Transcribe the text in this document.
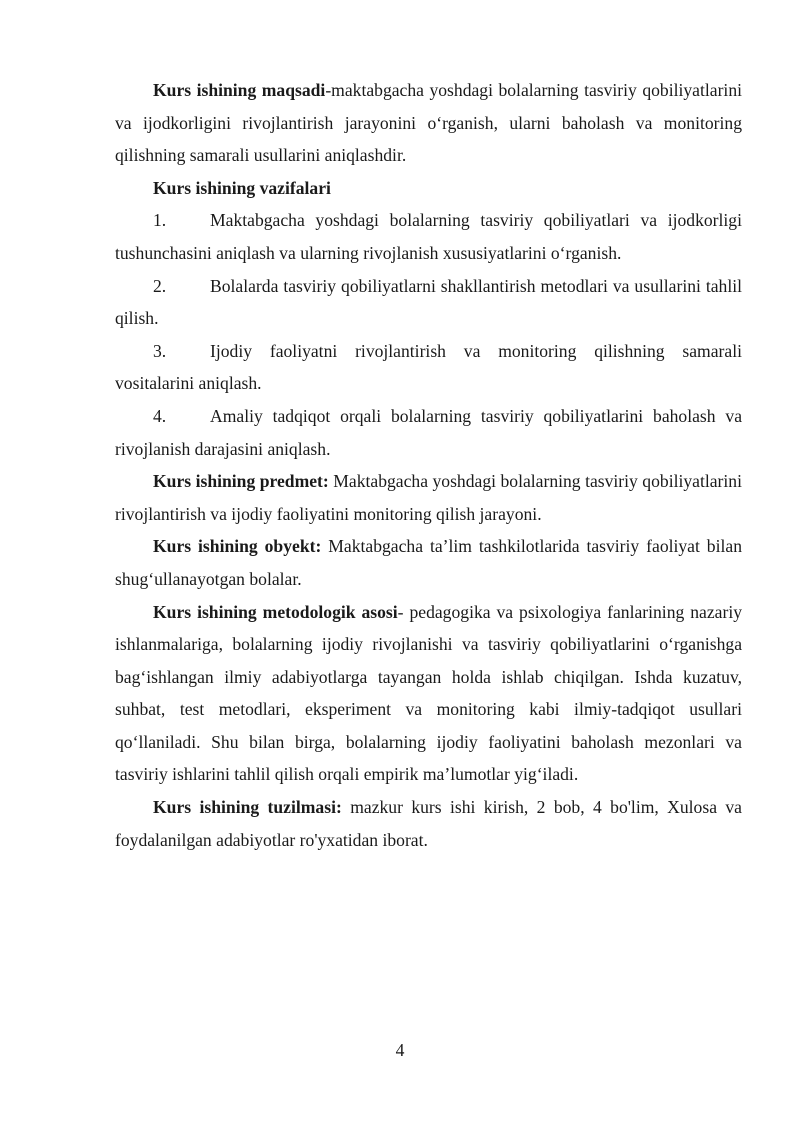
Kurs ishining maqsadi-maktabgacha yoshdagi bolalarning tasviriy qobiliyatlarini va ijodkorligini rivojlantirish jarayonini o‘rganish, ularni baholash va monitoring qilishning samarali usullarini aniqlashdir.

Kurs ishining vazifalari

1. Maktabgacha yoshdagi bolalarning tasviriy qobiliyatlari va ijodkorligi tushunchasini aniqlash va ularning rivojlanish xususiyatlarini o‘rganish.

2. Bolalarda tasviriy qobiliyatlarni shakllantirish metodlari va usullarini tahlil qilish.

3. Ijodiy faoliyatni rivojlantirish va monitoring qilishning samarali vositalarini aniqlash.

4. Amaliy tadqiqot orqali bolalarning tasviriy qobiliyatlarini baholash va rivojlanish darajasini aniqlash.

Kurs ishining predmet: Maktabgacha yoshdagi bolalarning tasviriy qobiliyatlarini rivojlantirish va ijodiy faoliyatini monitoring qilish jarayoni.

Kurs ishining obyekt: Maktabgacha ta’lim tashkilotlarida tasviriy faoliyat bilan shug‘ullanayotgan bolalar.

Kurs ishining metodologik asosi- pedagogika va psixologiya fanlarining nazariy ishlanmalariga, bolalarning ijodiy rivojlanishi va tasviriy qobiliyatlarini o‘rganishga bag‘ishlangan ilmiy adabiyotlarga tayangan holda ishlab chiqilgan. Ishda kuzatuv, suhbat, test metodlari, eksperiment va monitoring kabi ilmiy-tadqiqot usullari qo‘llaniladi. Shu bilan birga, bolalarning ijodiy faoliyatini baholash mezonlari va tasviriy ishlarini tahlil qilish orqali empirik ma’lumotlar yig‘iladi.

Kurs ishining tuzilmasi: mazkur kurs ishi kirish, 2 bob, 4 bo'lim, Xulosa va foydalanilgan adabiyotlar ro'yxatidan iborat.

4
